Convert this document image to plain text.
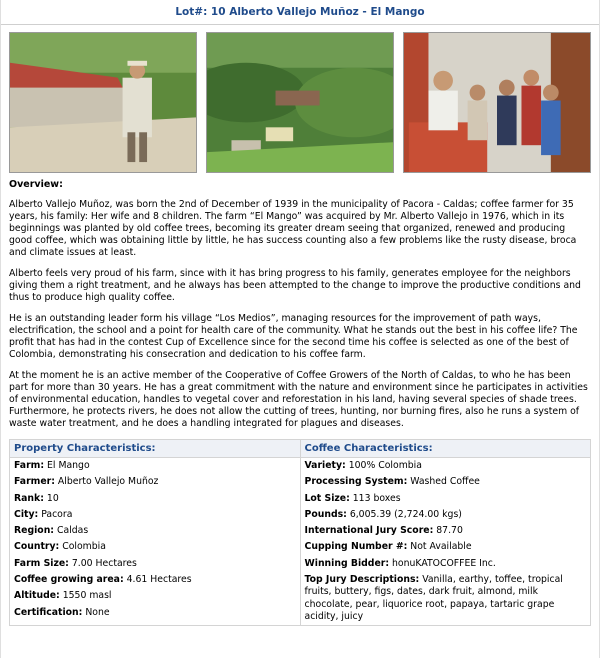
Lot#: 10 Alberto Vallejo Muñoz - El Mango
Overview:

Alberto Vallejo Muñoz, was born the 2nd of December of 1939 in the municipality of Pacora - Caldas; coffee farmer for 35 years, his family: Her wife and 8 children. The farm “El Mango” was acquired by Mr. Alberto Vallejo in 1976, which in its beginnings was planted by old coffee trees, becoming its greater dream seeing that organized, renewed and producing good coffee, which was obtaining little by little, he has success counting also a few problems like the rusty disease, broca and climate issues at least.

Alberto feels very proud of his farm, since with it has bring progress to his family, generates employee for the neighbors giving them a right treatment, and he always has been attempted to the change to improve the productive conditions and thus to produce high quality coffee.

He is an outstanding leader form his village “Los Medios”, managing resources for the improvement of path ways, electrification, the school and a point for health care of the community. What he stands out the best in his coffee life? The profit that has had in the contest Cup of Excellence since for the second time his coffee is selected as one of the best of Colombia, demonstrating his consecration and dedication to his coffee farm.

At the moment he is an active member of the Cooperative of Coffee Growers of the North of Caldas, to who he has been part for more than 30 years. He has a great commitment with the nature and environment since he participates in activities of environmental education, handles to vegetal cover and reforestation in his land, having several species of shade trees. Furthermore, he protects rivers, he does not allow the cutting of trees, hunting, nor burning fires, also he runs a system of waste water treatment, and he does a handling integrated for plagues and diseases.

Property Characteristics:
Farm: El Mango
Farmer: Alberto Vallejo Muñoz
Rank: 10
City: Pacora
Region: Caldas
Country: Colombia
Farm Size: 7.00 Hectares
Coffee growing area: 4.61 Hectares
Altitude: 1550 masl
Certification: None
Coffee Characteristics:
Variety: 100% Colombia
Processing System: Washed Coffee
Lot Size: 113 boxes
Pounds: 6,005.39 (2,724.00 kgs)
International Jury Score: 87.70
Cupping Number #: Not Available
Winning Bidder: honuKATOCOFFEE Inc.
Top Jury Descriptions: Vanilla, earthy, toffee, tropical fruits, buttery, figs, dates, dark fruit, almond, milk chocolate, pear, liquorice root, papaya, tartaric grape acidity, juicy
